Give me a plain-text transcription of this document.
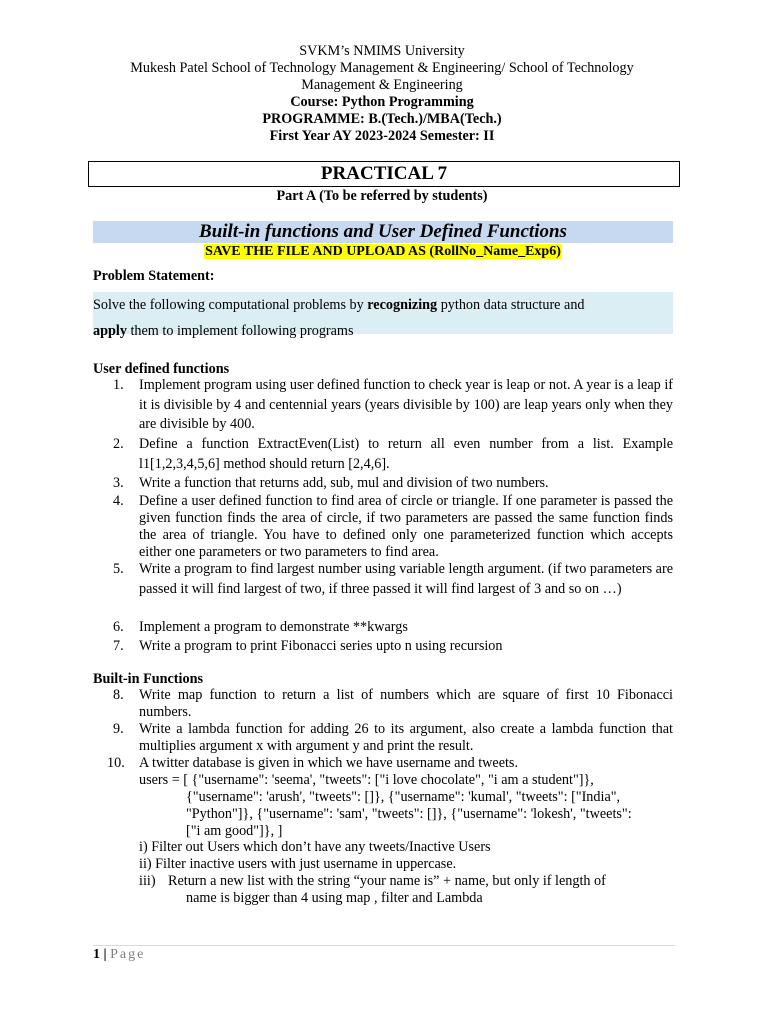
SVKM’s NMIMS University
Mukesh Patel School of Technology Management & Engineering/ School of Technology Management & Engineering
Course: Python Programming
PROGRAMME: B.(Tech.)/MBA(Tech.)
First Year AY 2023-2024 Semester: II
PRACTICAL 7
Part A (To be referred by students)
Built-in functions and User Defined Functions
SAVE THE FILE AND UPLOAD AS (RollNo_Name_Exp6)
Problem Statement:

Solve the following computational problems by recognizing python data structure and

apply them to implement following programs

User defined functions
1. Implement program using user defined function to check year is leap or not. A year is a leap if it is divisible by 4 and centennial years (years divisible by 100) are leap years only when they are divisible by 400.
2. Define a function ExtractEven(List) to return all even number from a list. Example l1[1,2,3,4,5,6] method should return [2,4,6].
3. Write a function that returns add, sub, mul and division of two numbers.
4. Define a user defined function to find area of circle or triangle. If one parameter is passed the given function finds the area of circle, if two parameters are passed the same function finds the area of triangle. You have to defined only one parameterized function which accepts either one parameters or two parameters to find area.
5. Write a program to find largest number using variable length argument. (if two parameters are passed it will find largest of two, if three passed it will find largest of 3 and so on …)
6. Implement a program to demonstrate **kwargs
7. Write a program to print Fibonacci series upto n using recursion
Built-in Functions
8. Write map function to return a list of numbers which are square of first 10 Fibonacci numbers.
9. Write a lambda function for adding 26 to its argument, also create a lambda function that multiplies argument x with argument y and print the result.
10. A twitter database is given in which we have username and tweets.
users = [ {"username": 'seema', "tweets": ["i love chocolate", "i am a student"]},
{"username": 'arush', "tweets": []}, {"username": 'kumal', "tweets": ["India",
"Python"]}, {"username": 'sam', "tweets": []}, {"username": 'lokesh', "tweets":
["i am good"]}, ]
i) Filter out Users which don’t have any tweets/Inactive Users
ii) Filter inactive users with just username in uppercase.
iii) Return a new list with the string “your name is” + name, but only if length of
name is bigger than 4 using map , filter and Lambda
1 | Page
